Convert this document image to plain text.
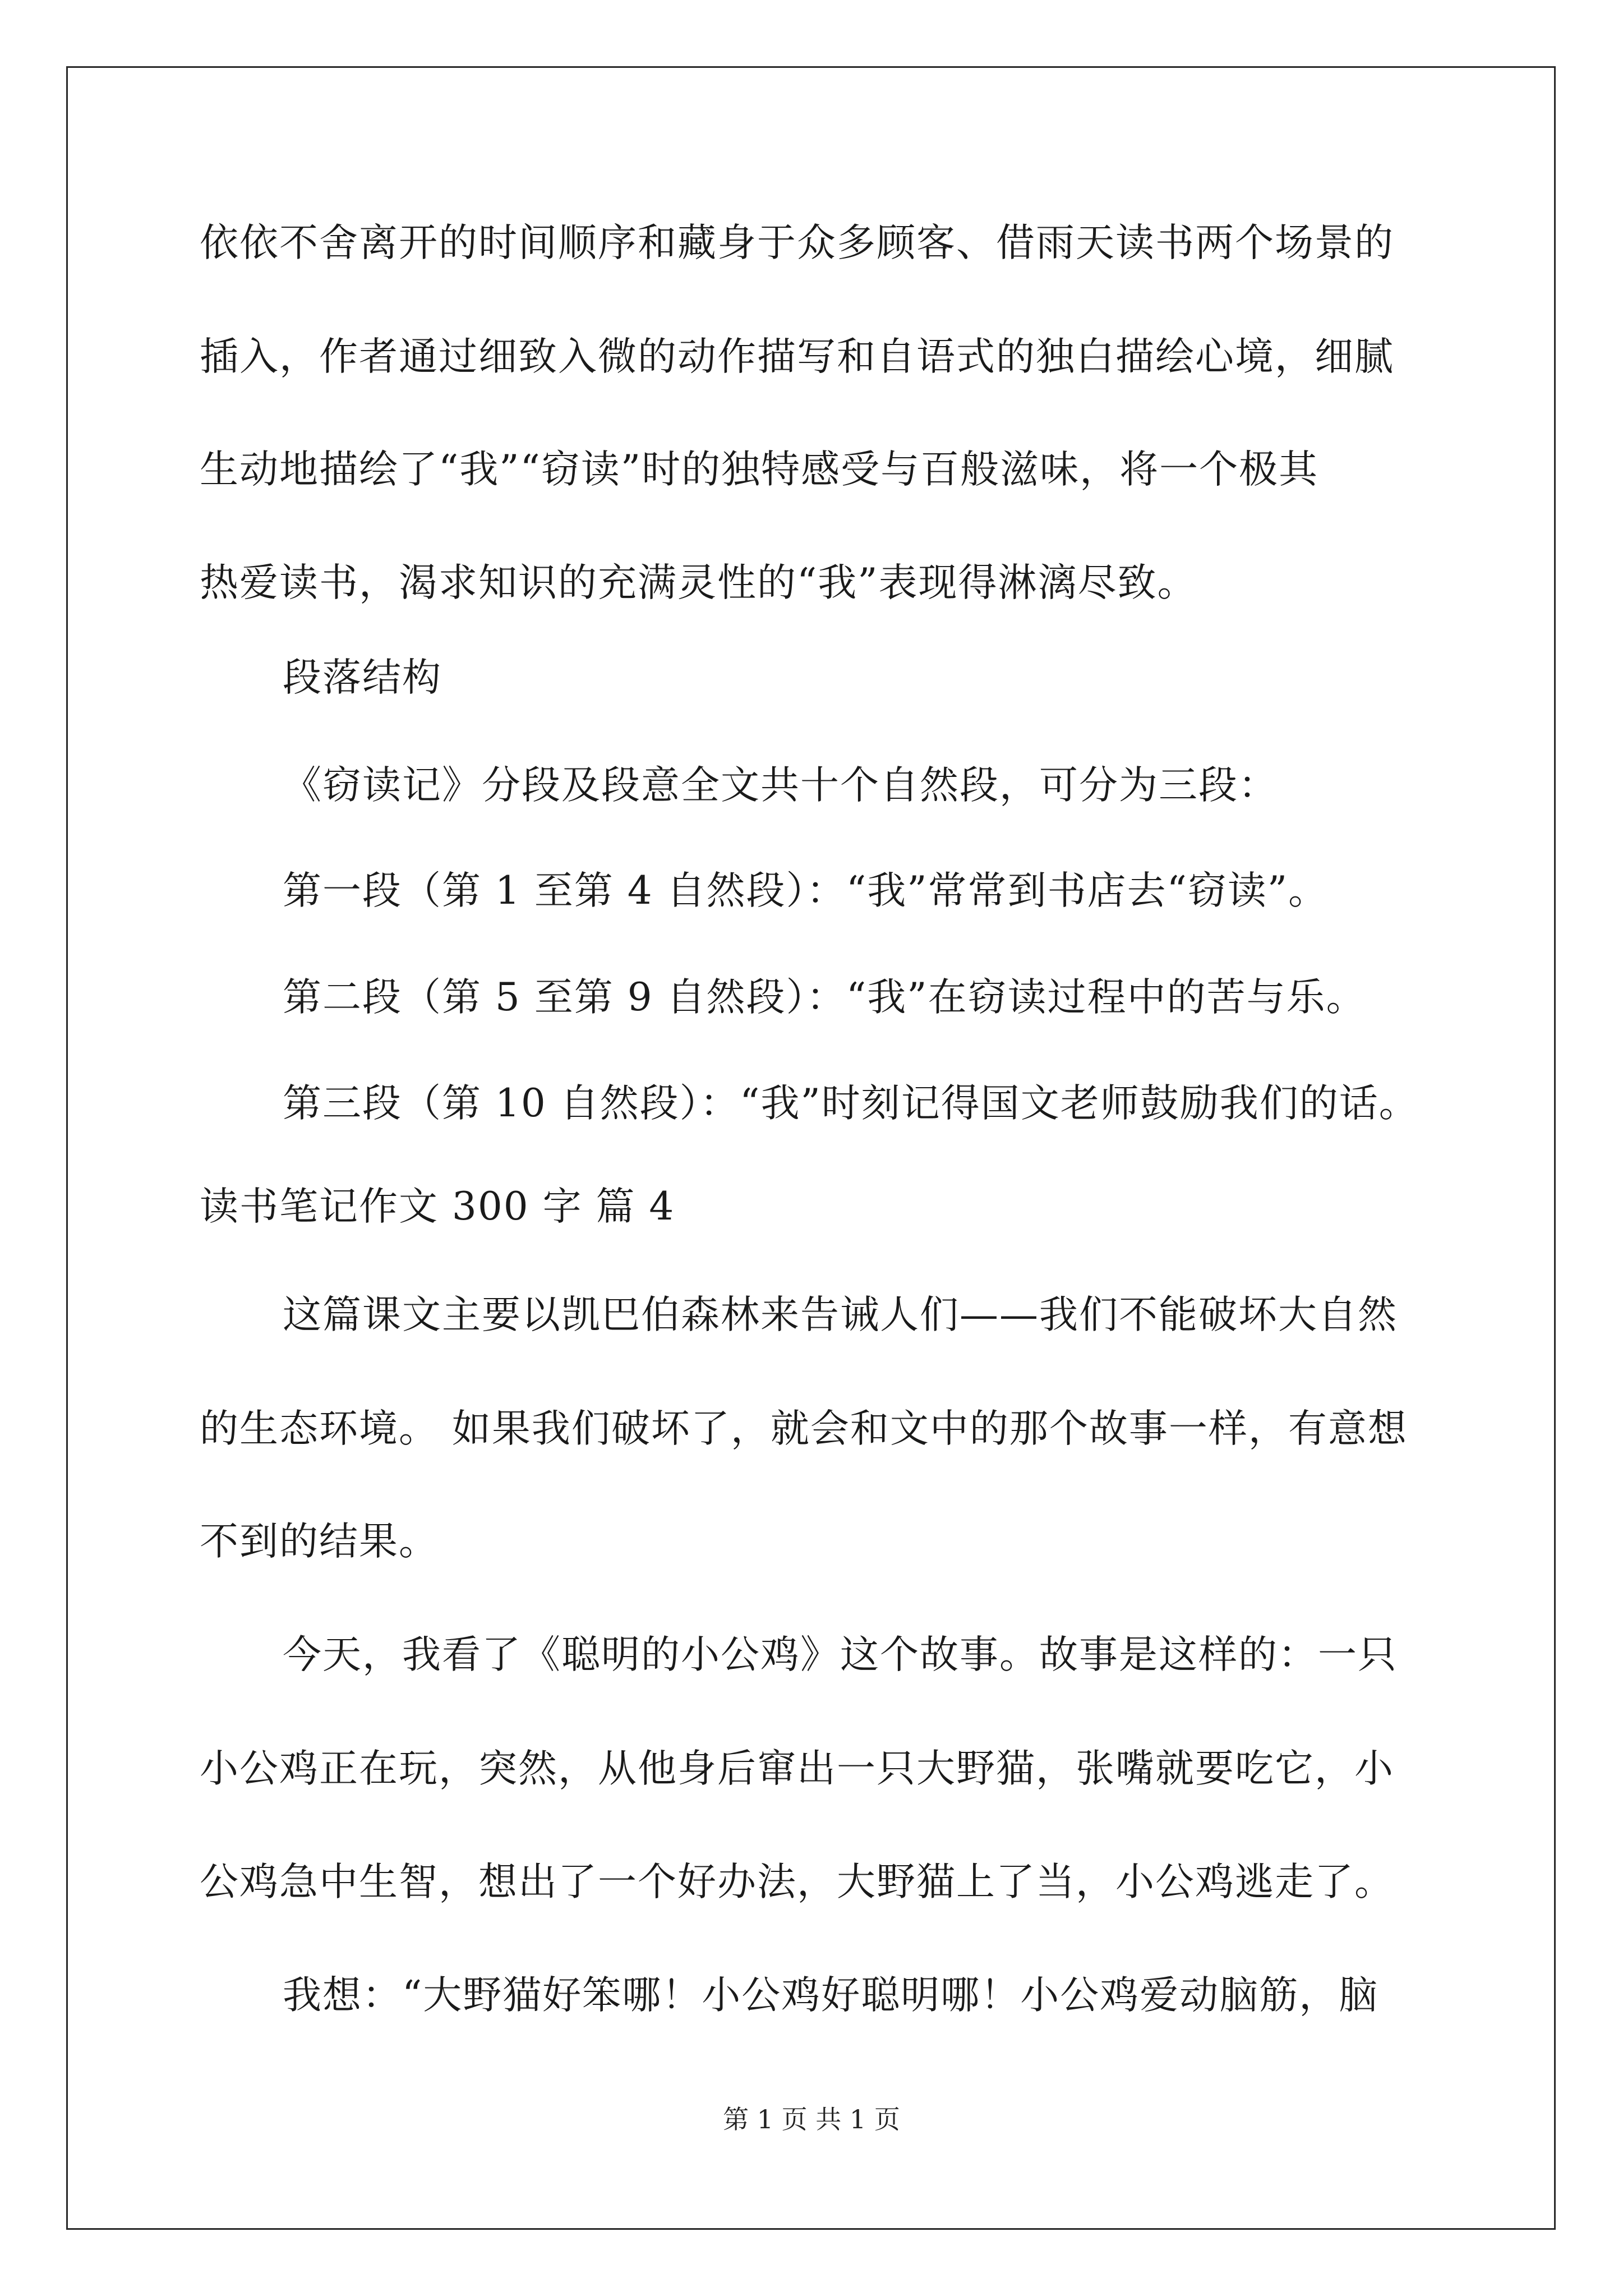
依依不舍离开的时间顺序和藏身于众多顾客、借雨天读书两个场景的
插入，作者通过细致入微的动作描写和自语式的独白描绘心境，细腻
生动地描绘了“我”“窃读”时的独特感受与百般滋味，将一个极其
热爱读书，渴求知识的充满灵性的“我”表现得淋漓尽致。
段落结构
《窃读记》分段及段意全文共十个自然段，可分为三段：
第一段（第 1 至第 4 自然段）：“我”常常到书店去“窃读”。
第二段（第 5 至第 9 自然段）：“我”在窃读过程中的苦与乐。
第三段（第 10 自然段）：“我”时刻记得国文老师鼓励我们的话。
读书笔记作文 300 字 篇 4
这篇课文主要以凯巴伯森林来告诫人们——我们不能破坏大自然
的生态环境。 如果我们破坏了，就会和文中的那个故事一样，有意想
不到的结果。
今天，我看了《聪明的小公鸡》这个故事。故事是这样的：一只
小公鸡正在玩，突然，从他身后窜出一只大野猫，张嘴就要吃它，小
公鸡急中生智，想出了一个好办法，大野猫上了当，小公鸡逃走了。
我想：“大野猫好笨哪！小公鸡好聪明哪！小公鸡爱动脑筋，脑
第 1 页 共 1 页
